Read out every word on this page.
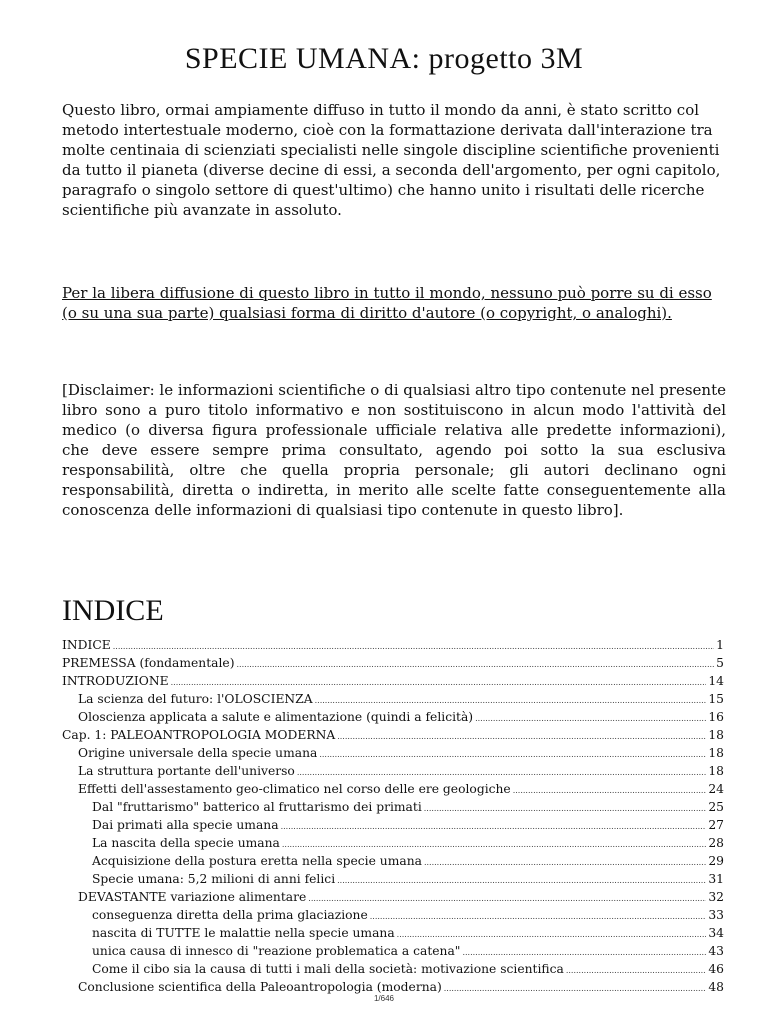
SPECIE UMANA: progetto 3M

Questo libro, ormai ampiamente diffuso in tutto il mondo da anni, è stato scritto col metodo intertestuale moderno, cioè con la formattazione derivata dall'interazione tra molte centinaia di scienziati specialisti nelle singole discipline scientifiche provenienti da tutto il pianeta (diverse decine di essi, a seconda dell'argomento, per ogni capitolo, paragrafo o singolo settore di quest'ultimo) che hanno unito i risultati delle ricerche scientifiche più avanzate in assoluto.

Per la libera diffusione di questo libro in tutto il mondo, nessuno può porre su di esso (o su una sua parte) qualsiasi forma di diritto d'autore (o copyright, o analoghi).

[Disclaimer: le informazioni scientifiche o di qualsiasi altro tipo contenute nel presente libro sono a puro titolo informativo e non sostituiscono in alcun modo l'attività del medico (o diversa figura professionale ufficiale relativa alle predette informazioni), che deve essere sempre prima consultato, agendo poi sotto la sua esclusiva responsabilità, oltre che quella propria personale; gli autori declinano ogni responsabilità, diretta o indiretta, in merito alle scelte fatte conseguentemente alla conoscenza delle informazioni di qualsiasi tipo contenute in questo libro].

INDICE
INDICE .....	1
PREMESSA (fondamentale) .....	5
INTRODUZIONE .....	14
La scienza del futuro: l'OLOSCIENZA .....	15
Oloscienza applicata a salute e alimentazione (quindi a felicità) .....	16
Cap. 1: PALEOANTROPOLOGIA MODERNA .....	18
Origine universale della specie umana .....	18
La struttura portante dell'universo .....	18
Effetti dell'assestamento geo-climatico nel corso delle ere geologiche .....	24
Dal "fruttarismo" batterico al fruttarismo dei primati .....	25
Dai primati alla specie umana .....	27
La nascita della specie umana .....	28
Acquisizione della postura eretta nella specie umana .....	29
Specie umana: 5,2 milioni di anni felici .....	31
DEVASTANTE variazione alimentare .....	32
conseguenza diretta della prima glaciazione .....	33
nascita di TUTTE le malattie nella specie umana .....	34
unica causa di innesco di "reazione problematica a catena" .....	43
Come il cibo sia la causa di tutti i mali della società: motivazione scientifica .....	46
Conclusione scientifica della Paleoantropologia (moderna) .....	48
1/646
